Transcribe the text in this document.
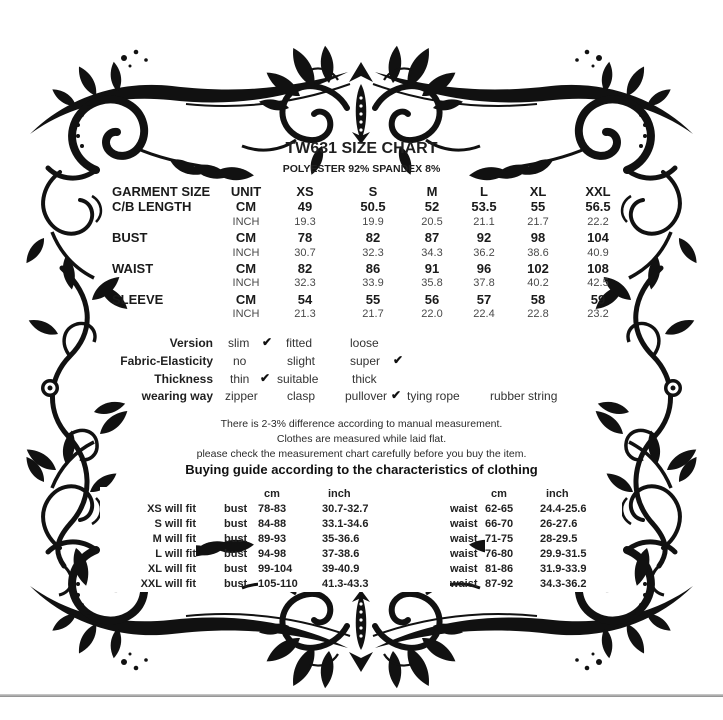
TW631 SIZE CHART
POLYESTER 92% SPANDEX 8%
GARMENT SIZE	UNIT	XS	S	M	L	XL	XXL
C/B LENGTH	CM	49	50.5	52	53.5	55	56.5
INCH	19.3	19.9	20.5	21.1	21.7	22.2
BUST	CM	78	82	87	92	98	104
INCH	30.7	32.3	34.3	36.2	38.6	40.9
WAIST	CM	82	86	91	96	102	108
INCH	32.3	33.9	35.8	37.8	40.2	42.5
SLEEVE	CM	54	55	56	57	58	59
INCH	21.3	21.7	22.0	22.4	22.8	23.2
Version slim ✔ fitted	loose
Fabric-Elasticity no	slight	super ✔
Thickness thin ✔ suitable	thick
wearing way zipper clasp pullover ✔ tying rope	rubber string
There is 2-3% difference according to manual measurement.
Clothes are measured while laid flat.
please check the measurement chart carefully before you buy the item.
Buying guide according to the characteristics of clothing
cm	inch	cm	inch
XS will fit	bust 78-83	30.7-32.7	waist 62-65	24.4-25.6
S will fit	bust 84-88	33.1-34.6	waist 66-70	26-27.6
M will fit	bust 89-93	35-36.6	waist 71-75	28-29.5
L will fit	bust 94-98	37-38.6	waist 76-80	29.9-31.5
XL will fit	bust 99-104	39-40.9	waist 81-86	31.9-33.9
XXL will fit	bust 105-110	41.3-43.3	waist 87-92	34.3-36.2
